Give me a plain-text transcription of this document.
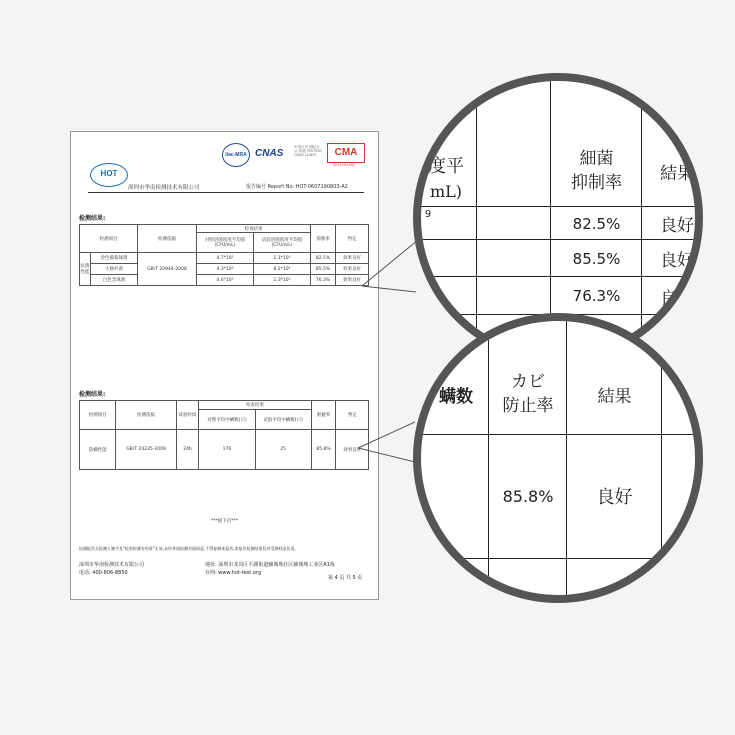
ilac-MRA CNAS
中国认可 国际互认 检测 TESTING CNAS L10670	CMA
201519240L
HOT
深圳市华南检测技术有限公司	报告编号 Report No. HOT-0607190803-A2
检测结果:
检测项目		检测依据	检查结果		抑菌率	判定
			对照浴菌浓度平均值(CFU/mL)	试验浴菌浓度平均值(CFU/mL)		
抗菌性能	金色葡萄球菌	GB/T 20944-2008	4.7*10⁵	1.1*10⁵	82.5%	效果良好
	大肠杆菌		4.3*10⁵	8.2*10⁴	85.5%	效果良好
	白色念珠菌		4.6*10⁵	1.3*10⁵	76.3%	效果良好
检测结果:
检测项目	检测依据	试验时间	检查结果		驱避率	判定
			对照平均中螨数(只)	试验平均中螨数(只)		
防螨性能	GB/T 24235-2009	24h	176	25	85.8%	效果良好
***接下页***
检测报告无检测人签字及"检验检测专用章"无效,未经华南检测书面同意,不得复制本报告,本报告检测结果仅对受测样品负责。
深圳市华南检测技术有限公司
电话: 400-806-8850
地址: 深圳市龙岗区平湖街道辅城坳社区辅城坳工业区A1栋
官网: www.hot-test.org
第 4 页 共 5 页
度平
mL)
9
細菌
抑制率	結果
82.5%	良好
85.5%	良好
76.3%	良好
螨数
カビ
防止率	結果
85.8%	良好
